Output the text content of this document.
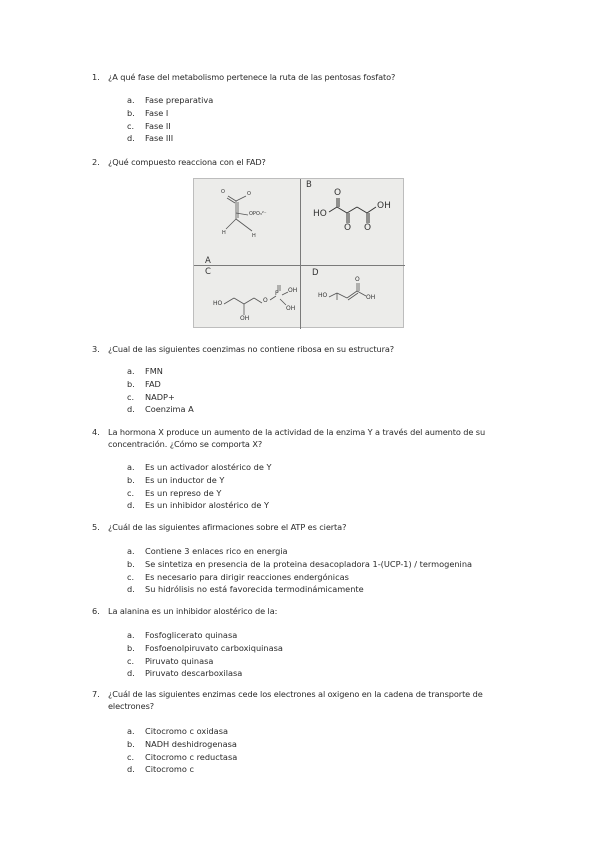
1. ¿A qué fase del metabolismo pertenece la ruta de las pentosas fosfato?
a. Fase preparativa
b. Fase I
c. Fase II
d. Fase III
2. ¿Qué compuesto reacciona con el FAD?
B
A
C	D
O	O
OPO₃²⁻
H	H
HO
OH
O
O O
HO
OH
OH
OH
O
P	HO	OH
O
3. ¿Cual de las siguientes coenzimas no contiene ribosa en su estructura?
a. FMN
b. FAD
c. NADP+
d. Coenzima A
4. La hormona X produce un aumento de la actividad de la enzima Y a través del aumento de su concentración. ¿Cómo se comporta X?
a. Es un activador alostérico de Y
b. Es un inductor de Y
c. Es un represo de Y
d. Es un inhibidor alostérico de Y
5. ¿Cuál de las siguientes afirmaciones sobre el ATP es cierta?
a. Contiene 3 enlaces rico en energia
b. Se sintetiza en presencia de la proteina desacopladora 1-(UCP-1) / termogenina
c. Es necesario para dirigir reacciones endergónicas
d. Su hidrólisis no está favorecida termodinámicamente
6. La alanina es un inhibidor alostérico de la:
a. Fosfoglicerato quinasa
b. Fosfoenolpiruvato carboxiquinasa
c. Piruvato quinasa
d. Piruvato descarboxilasa
7. ¿Cuál de las siguientes enzimas cede los electrones al oxigeno en la cadena de transporte de electrones?
a. Citocromo c oxidasa
b. NADH deshidrogenasa
c. Citocromo c reductasa
d. Citocromo c
